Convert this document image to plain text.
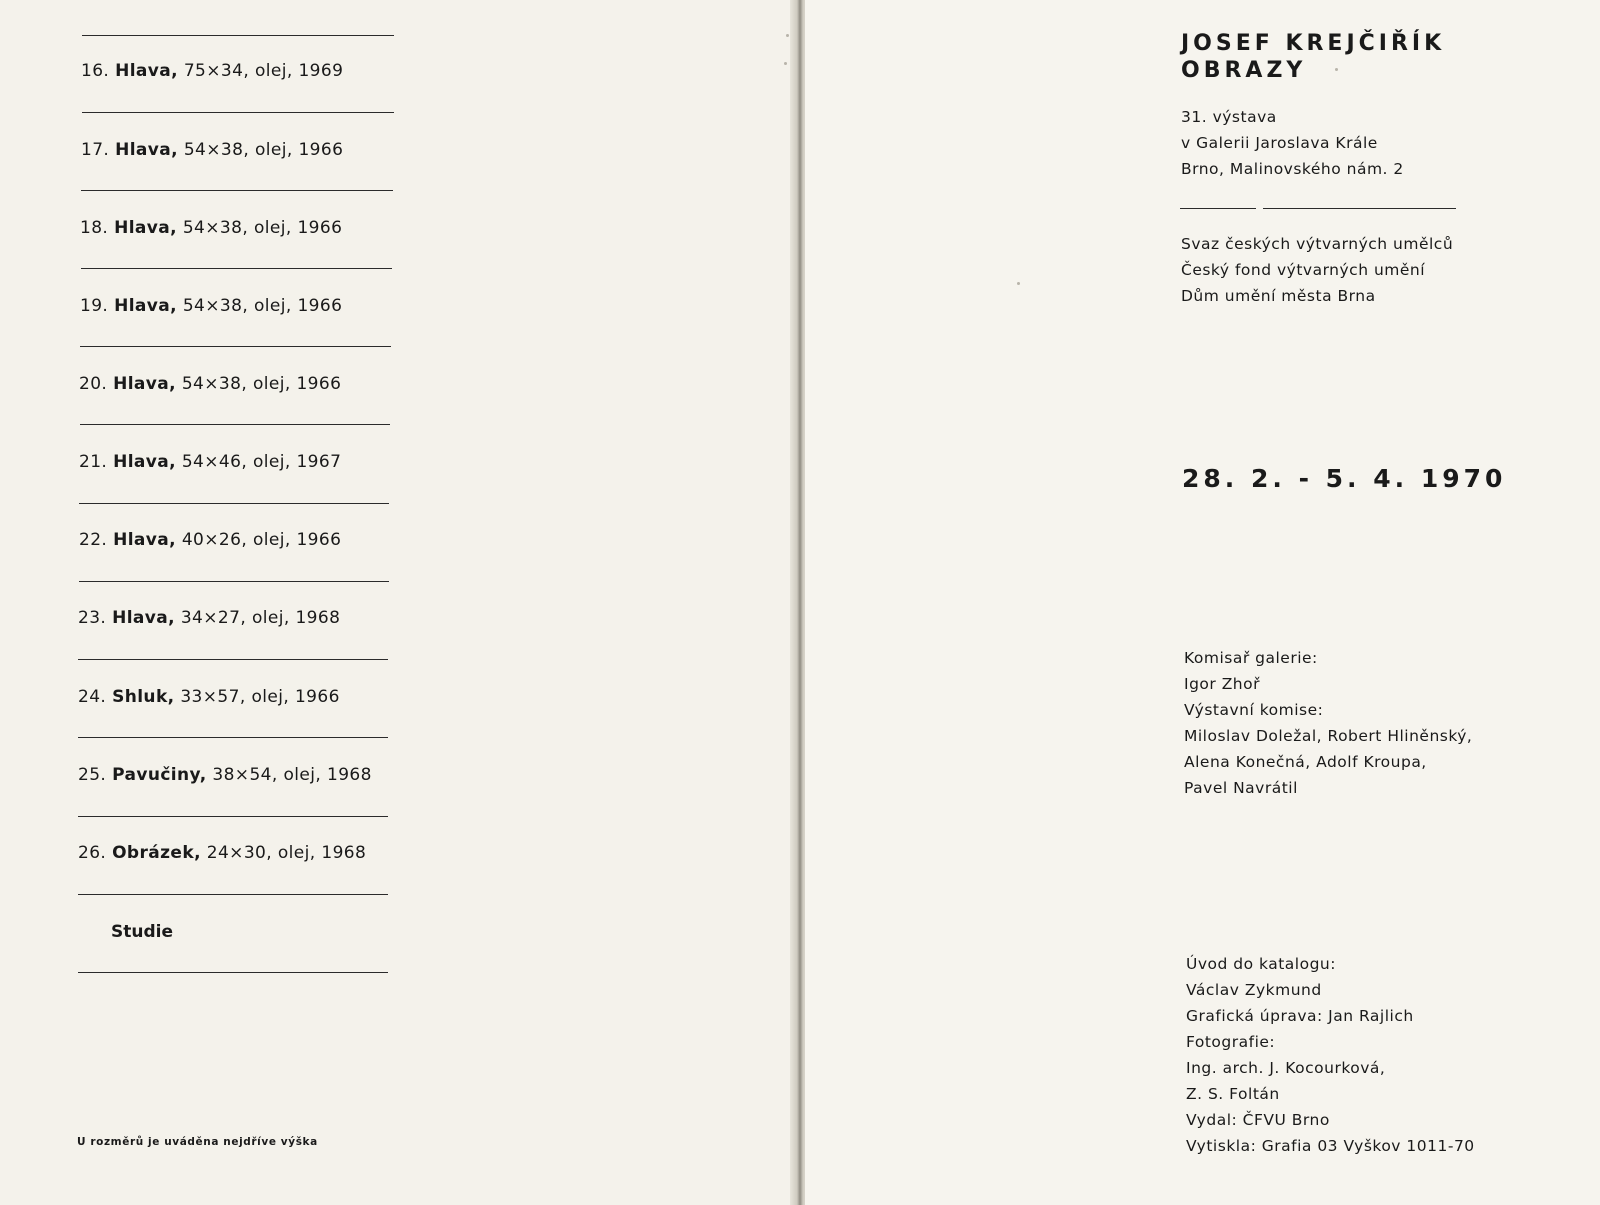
16. Hlava, 75×34, olej, 1969
17. Hlava, 54×38, olej, 1966
18. Hlava, 54×38, olej, 1966
19. Hlava, 54×38, olej, 1966
20. Hlava, 54×38, olej, 1966
21. Hlava, 54×46, olej, 1967
22. Hlava, 40×26, olej, 1966
23. Hlava, 34×27, olej, 1968
24. Shluk, 33×57, olej, 1966
25. Pavučiny, 38×54, olej, 1968
26. Obrázek, 24×30, olej, 1968
Studie
U rozměrů je uváděna nejdříve výška
JOSEF KREJČIŘÍK
OBRAZY
31. výstava
v Galerii Jaroslava Krále
Brno, Malinovského nám. 2
Svaz českých výtvarných umělců
Český fond výtvarných umění
Dům umění města Brna
28. 2. - 5. 4. 1970
Komisař galerie:
Igor Zhoř
Výstavní komise:
Miloslav Doležal, Robert Hliněnský,
Alena Konečná, Adolf Kroupa,
Pavel Navrátil
Úvod do katalogu:
Václav Zykmund
Grafická úprava: Jan Rajlich
Fotografie:
Ing. arch. J. Kocourková,
Z. S. Foltán
Vydal: ČFVU Brno
Vytiskla: Grafia 03 Vyškov 1011-70
